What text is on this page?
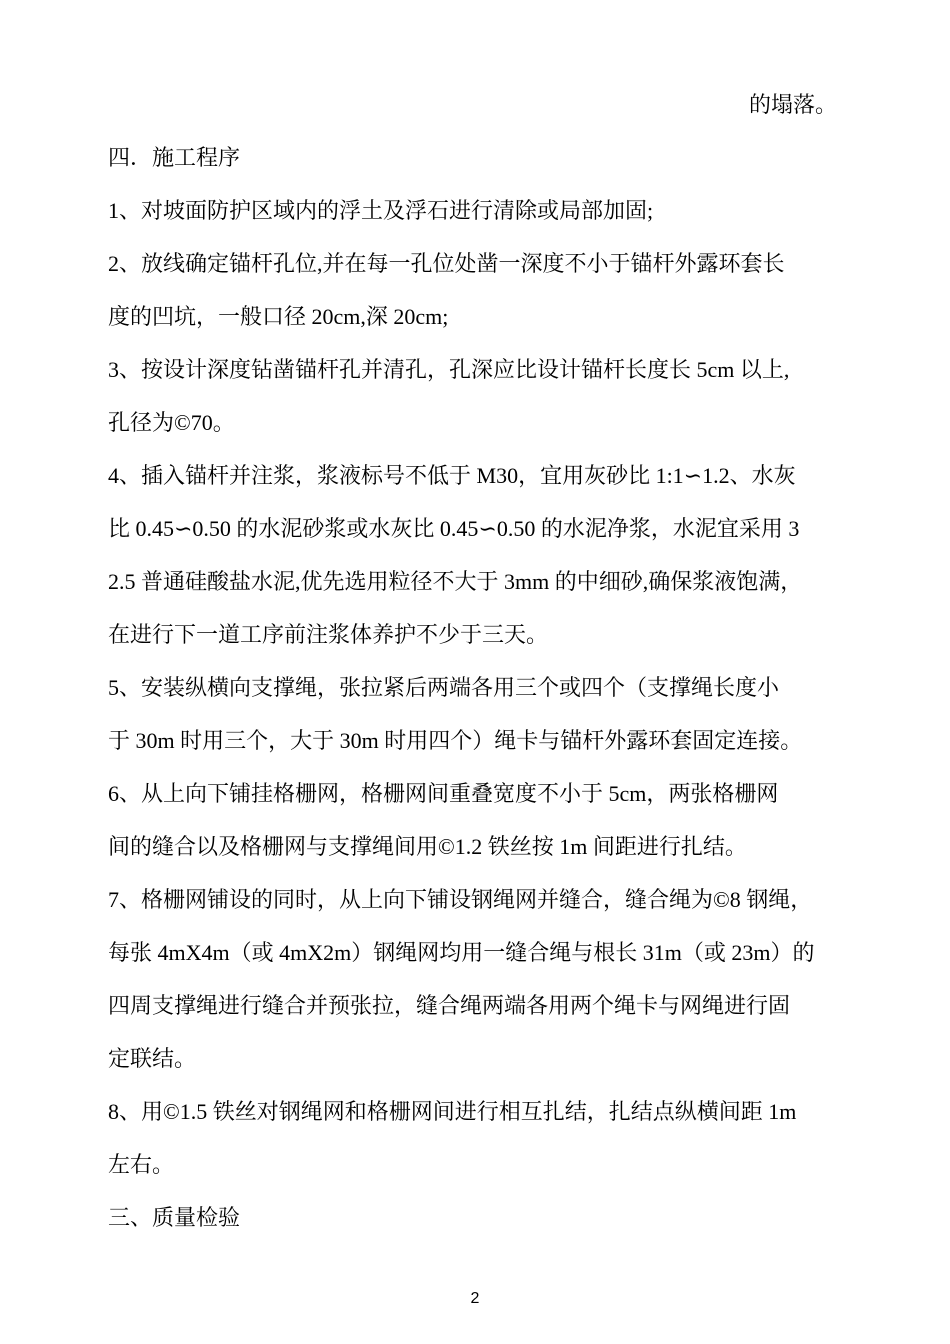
的塌落。
四．施工程序
1、对坡面防护区域内的浮土及浮石进行清除或局部加固;
2、放线确定锚杆孔位,并在每一孔位处凿一深度不小于锚杆外露环套长
度的凹坑，一般口径 20cm,深 20cm;
3、按设计深度钻凿锚杆孔并清孔，孔深应比设计锚杆长度长 5cm 以上,
孔径为©70。
4、插入锚杆并注浆，浆液标号不低于 M30，宜用灰砂比 1:1∽1.2、水灰
比 0.45∽0.50 的水泥砂浆或水灰比 0.45∽0.50 的水泥净浆，水泥宜采用 3
2.5 普通硅酸盐水泥,优先选用粒径不大于 3mm 的中细砂,确保浆液饱满，
在进行下一道工序前注浆体养护不少于三天。
5、安装纵横向支撑绳，张拉紧后两端各用三个或四个（支撑绳长度小
于 30m 时用三个，大于 30m 时用四个）绳卡与锚杆外露环套固定连接。
6、从上向下铺挂格栅网，格栅网间重叠宽度不小于 5cm，两张格栅网
间的缝合以及格栅网与支撑绳间用©1.2 铁丝按 1m 间距进行扎结。
7、格栅网铺设的同时，从上向下铺设钢绳网并缝合，缝合绳为©8 钢绳，
每张 4mX4m（或 4mX2m）钢绳网均用一缝合绳与根长 31m（或 23m）的
四周支撑绳进行缝合并预张拉，缝合绳两端各用两个绳卡与网绳进行固
定联结。
8、用©1.5 铁丝对钢绳网和格栅网间进行相互扎结，扎结点纵横间距 1m
左右。
三、质量检验
2
